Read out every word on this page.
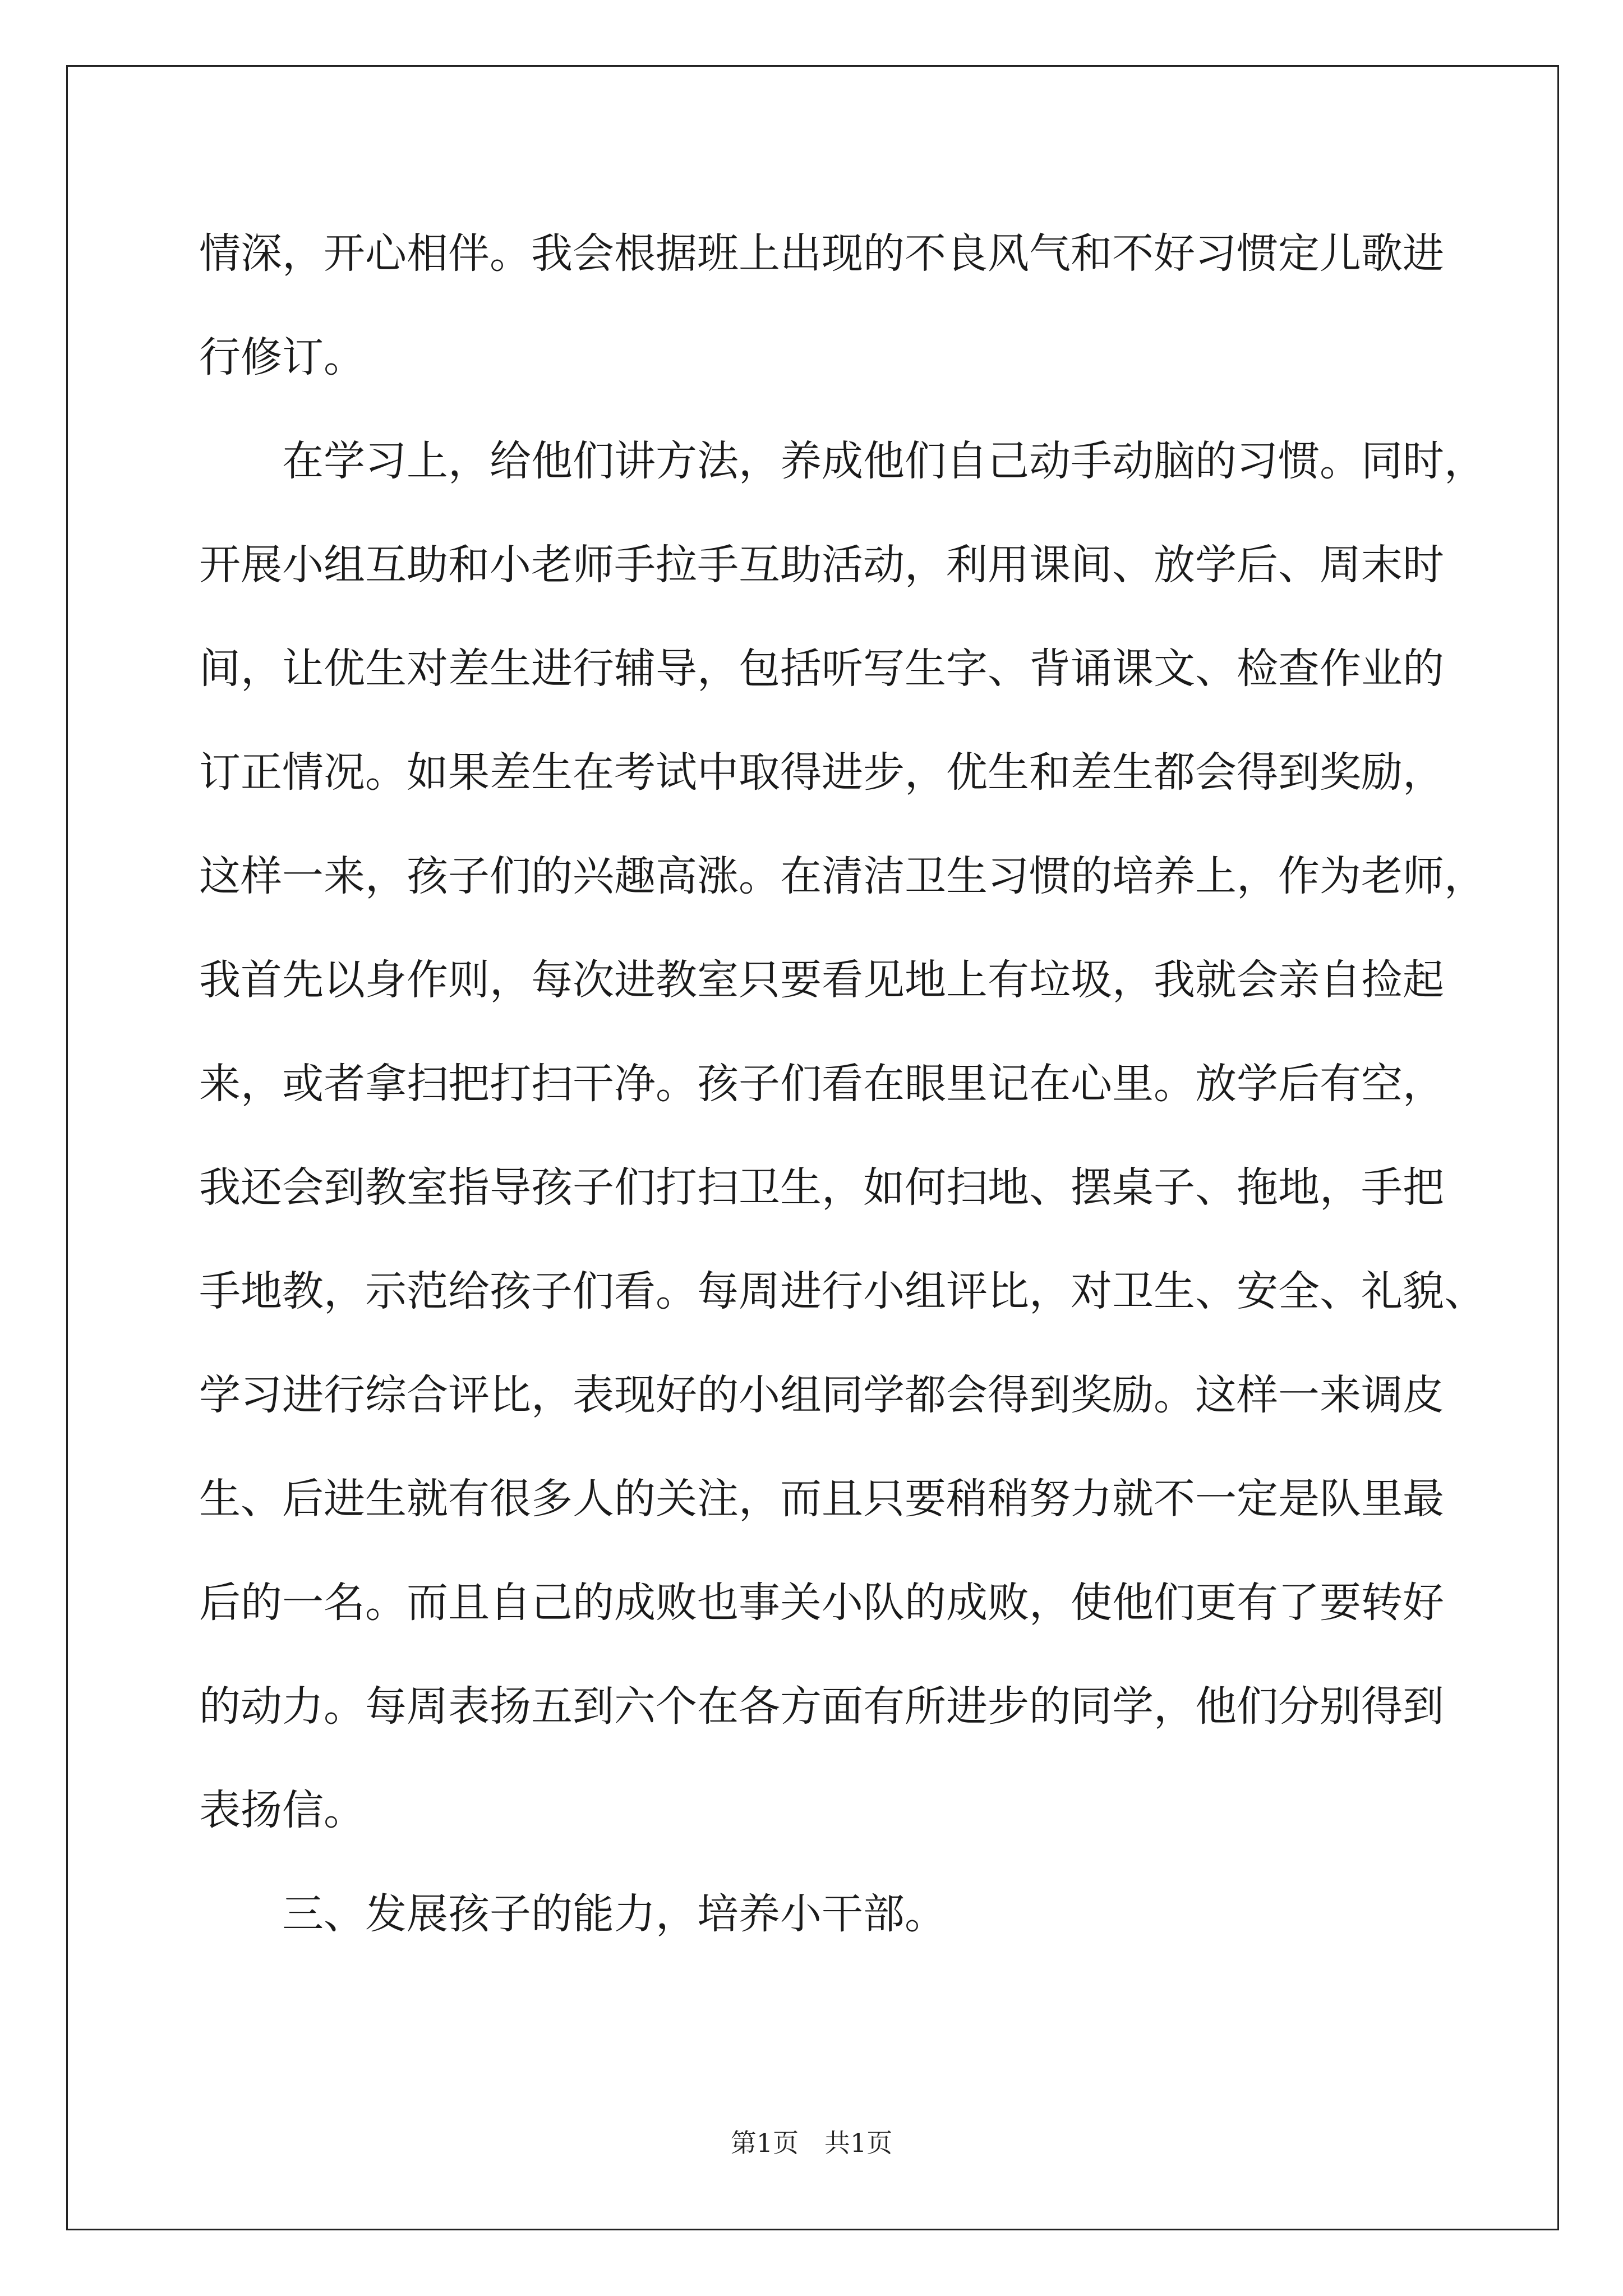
情深，开心相伴。我会根据班上出现的不良风气和不好习惯定儿歌进
行修订。
　　在学习上，给他们讲方法，养成他们自己动手动脑的习惯。同时，
开展小组互助和小老师手拉手互助活动，利用课间、放学后、周末时
间，让优生对差生进行辅导，包括听写生字、背诵课文、检查作业的
订正情况。如果差生在考试中取得进步，优生和差生都会得到奖励，
这样一来，孩子们的兴趣高涨。在清洁卫生习惯的培养上，作为老师，
我首先以身作则，每次进教室只要看见地上有垃圾，我就会亲自捡起
来，或者拿扫把打扫干净。孩子们看在眼里记在心里。放学后有空，
我还会到教室指导孩子们打扫卫生，如何扫地、摆桌子、拖地，手把
手地教，示范给孩子们看。每周进行小组评比，对卫生、安全、礼貌、
学习进行综合评比，表现好的小组同学都会得到奖励。这样一来调皮
生、后进生就有很多人的关注，而且只要稍稍努力就不一定是队里最
后的一名。而且自己的成败也事关小队的成败，使他们更有了要转好
的动力。每周表扬五到六个在各方面有所进步的同学，他们分别得到
表扬信。
　　三、发展孩子的能力，培养小干部。
第1页　共1页
